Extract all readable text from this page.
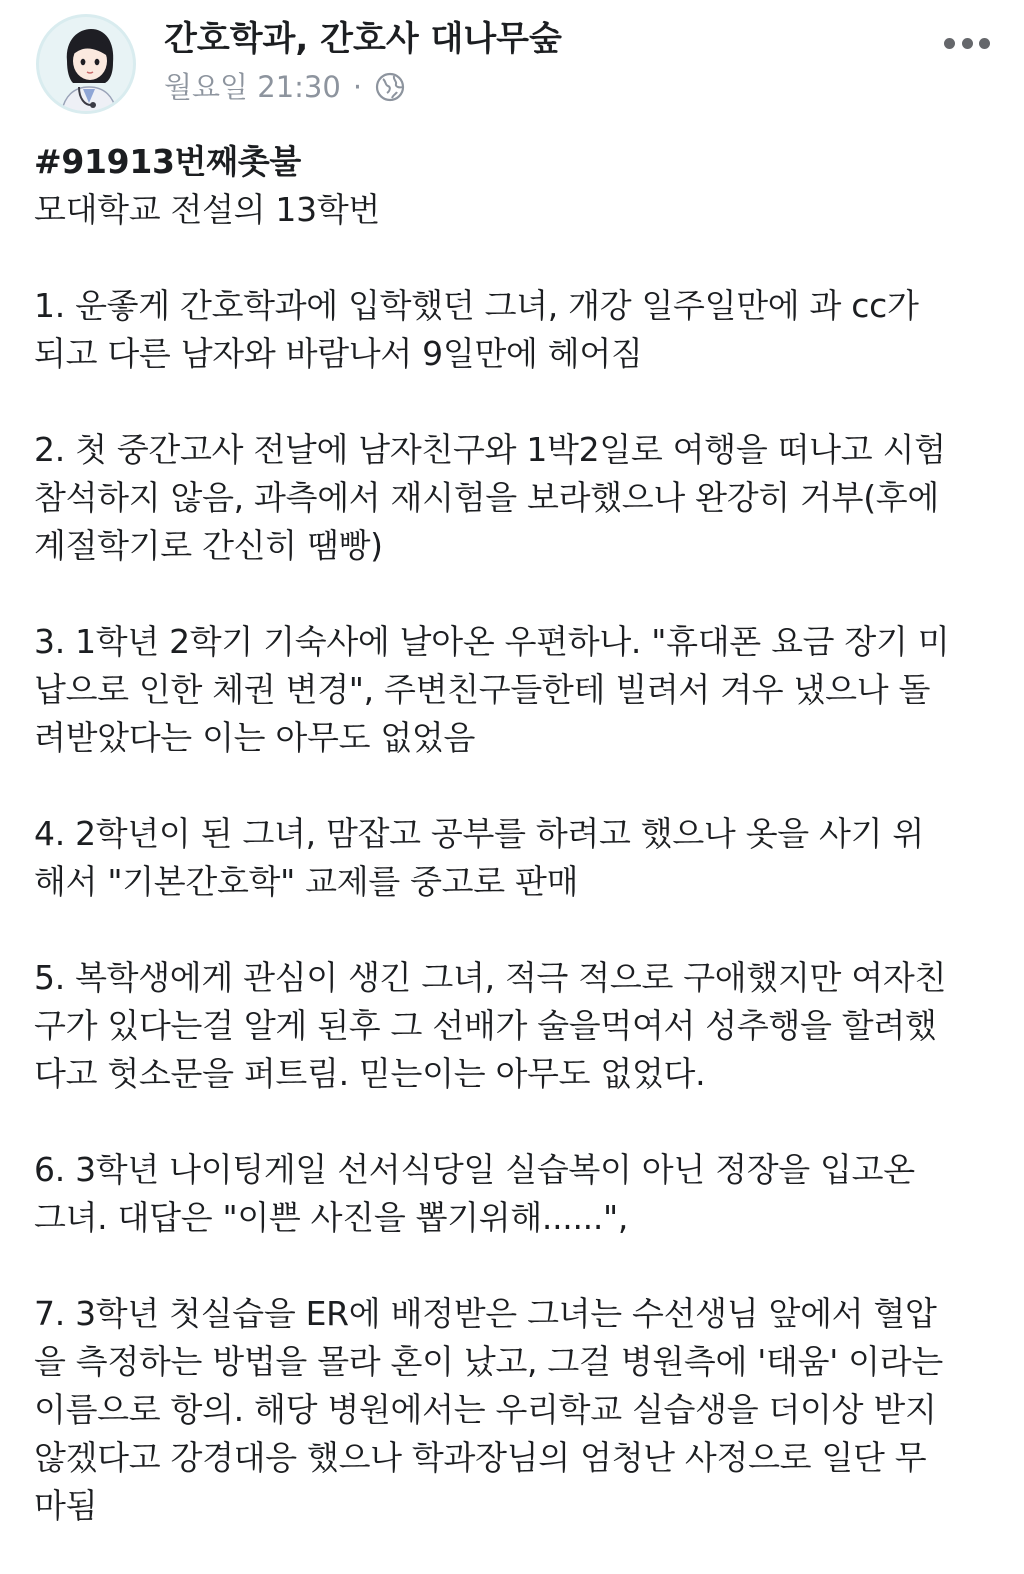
간호학과, 간호사 대나무숲
월요일 21:30 ·
#91913번째촛불
모대학교 전설의 13학번
1. 운좋게 간호학과에 입학했던 그녀, 개강 일주일만에 과 cc가
되고 다른 남자와 바람나서 9일만에 헤어짐
2. 첫 중간고사 전날에 남자친구와 1박2일로 여행을 떠나고 시험
참석하지 않음, 과측에서 재시험을 보라했으나 완강히 거부(후에
계절학기로 간신히 땜빵)
3. 1학년 2학기 기숙사에 날아온 우편하나. "휴대폰 요금 장기 미
납으로 인한 체권 변경", 주변친구들한테 빌려서 겨우 냈으나 돌
려받았다는 이는 아무도 없었음
4. 2학년이 된 그녀, 맘잡고 공부를 하려고 했으나 옷을 사기 위
해서 "기본간호학" 교제를 중고로 판매
5. 복학생에게 관심이 생긴 그녀, 적극 적으로 구애했지만 여자친
구가 있다는걸 알게 된후 그 선배가 술을먹여서 성추행을 할려했
다고 헛소문을 퍼트림. 믿는이는 아무도 없었다.
6. 3학년 나이팅게일 선서식당일 실습복이 아닌 정장을 입고온
그녀. 대답은 "이쁜 사진을 뽑기위해......",
7. 3학년 첫실습을 ER에 배정받은 그녀는 수선생님 앞에서 혈압
을 측정하는 방법을 몰라 혼이 났고, 그걸 병원측에 '태움' 이라는
이름으로 항의. 해당 병원에서는 우리학교 실습생을 더이상 받지
않겠다고 강경대응 했으나 학과장님의 엄청난 사정으로 일단 무
마됨
